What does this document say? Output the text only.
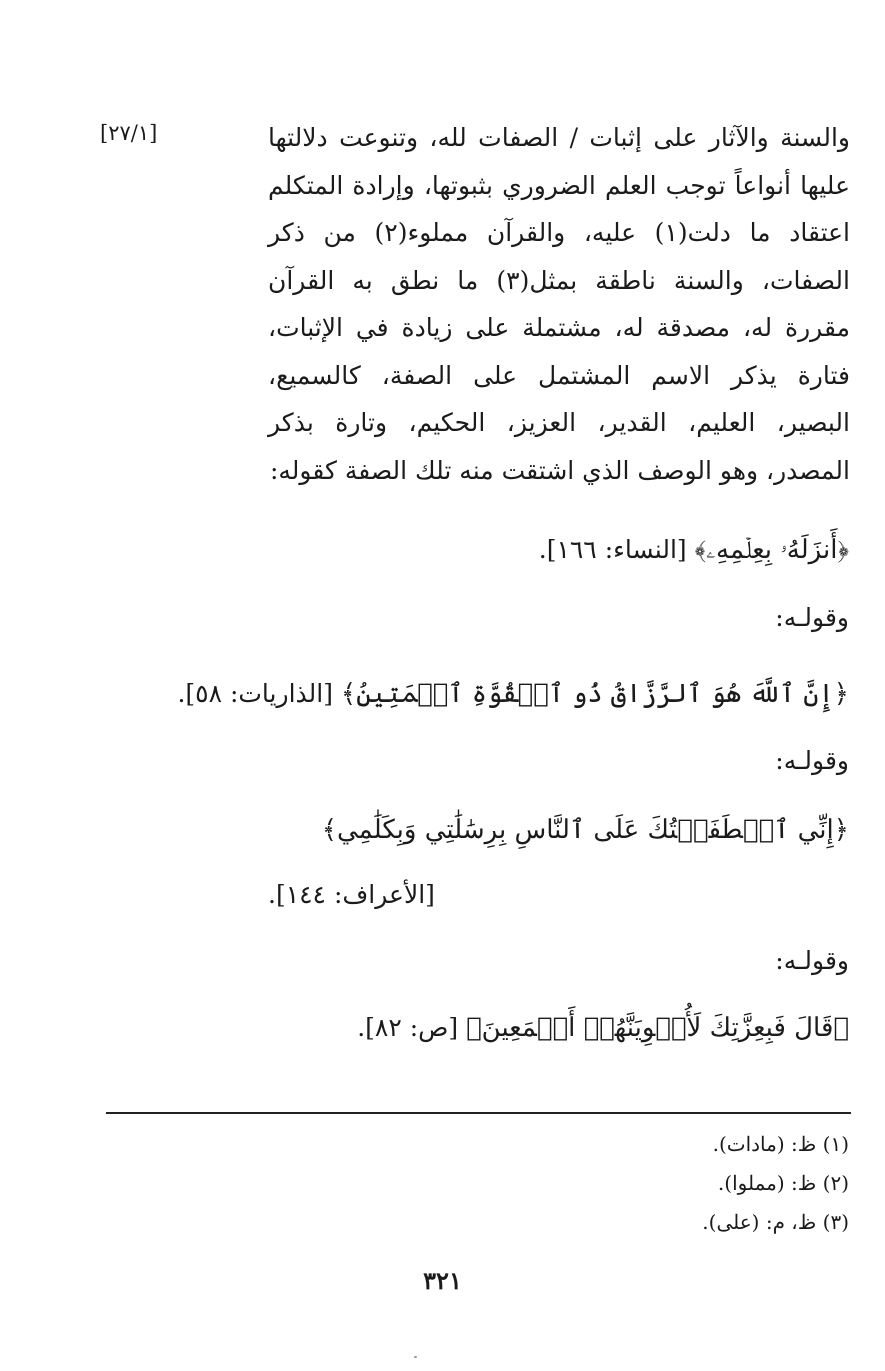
[٢٧/١]	والسنة والآثار على إثبات / الصفات لله، وتنوعت دلالتها عليها أنواعاً توجب العلم الضروري بثبوتها، وإرادة المتكلم اعتقاد ما دلت(١) عليه، والقرآن مملوء(٢) من ذكر الصفات، والسنة ناطقة بمثل(٣) ما نطق به القرآن مقررة له، مصدقة له، مشتملة على زيادة في الإثبات، فتارة يذكر الاسم المشتمل على الصفة، كالسميع، البصير، العليم، القدير، العزيز، الحكيم، وتارة بذكر المصدر، وهو الوصف الذي اشتقت منه تلك الصفة كقوله:

﴿أَنزَلَهُۥ بِعِلۡمِهِۦ﴾ [النساء: ١٦٦].
وقولـه:
﴿إِنَّ ٱللَّهَ هُوَ ٱلرَّزَّاقُ ذُو ٱلۡقُوَّةِ ٱلۡمَتِينُ﴾ [الذاريات: ٥٨].
وقولـه:
﴿إِنِّي ٱصۡطَفَيۡتُكَ عَلَى ٱلنَّاسِ بِرِسَٰلَٰتِي وَبِكَلَٰمِي﴾
[الأعراف: ١٤٤].
وقولـه:
﴿قَالَ فَبِعِزَّتِكَ لَأُغۡوِيَنَّهُمۡ أَجۡمَعِينَ﴾ [ص: ٨٢].
(١) ظ: (مادات).
(٢) ظ: (مملوا).
(٣) ظ، م: (على).
٣٢١
